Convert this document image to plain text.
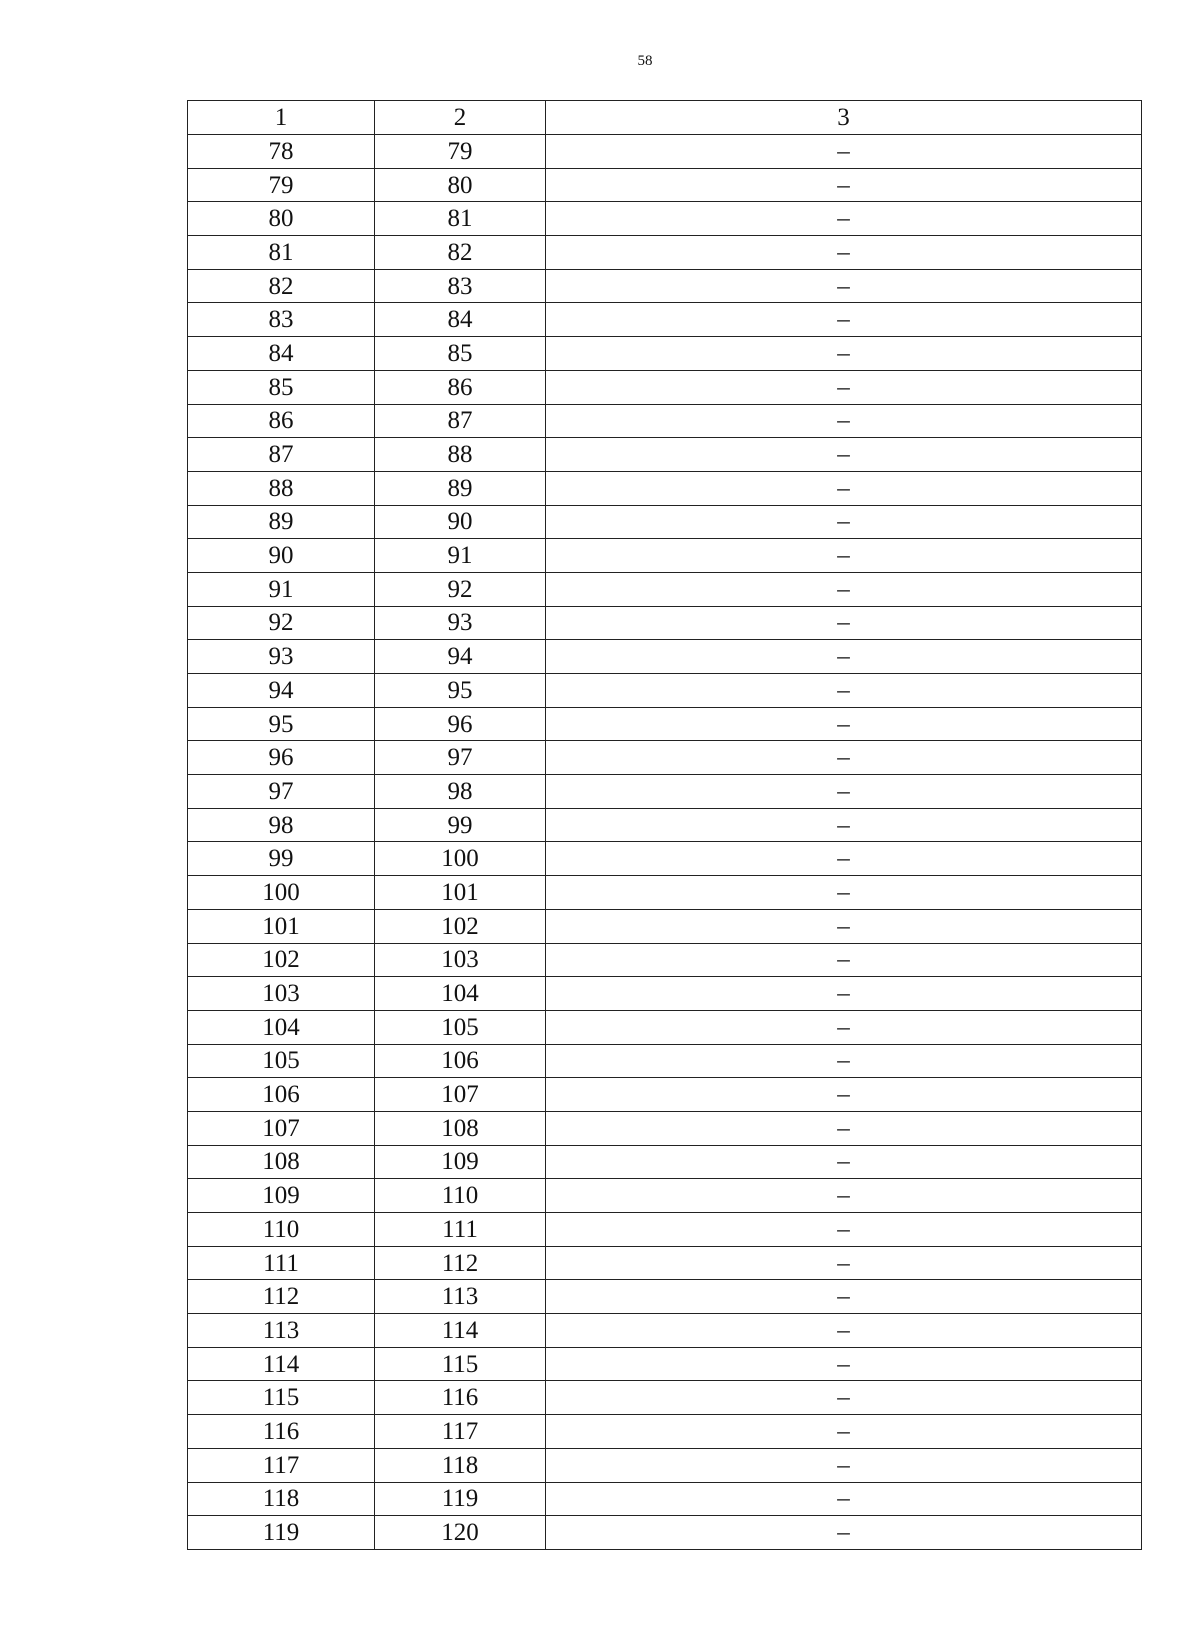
58
1	2	3
78	79	–
79	80	–
80	81	–
81	82	–
82	83	–
83	84	–
84	85	–
85	86	–
86	87	–
87	88	–
88	89	–
89	90	–
90	91	–
91	92	–
92	93	–
93	94	–
94	95	–
95	96	–
96	97	–
97	98	–
98	99	–
99	100	–
100	101	–
101	102	–
102	103	–
103	104	–
104	105	–
105	106	–
106	107	–
107	108	–
108	109	–
109	110	–
110	111	–
111	112	–
112	113	–
113	114	–
114	115	–
115	116	–
116	117	–
117	118	–
118	119	–
119	120	–
